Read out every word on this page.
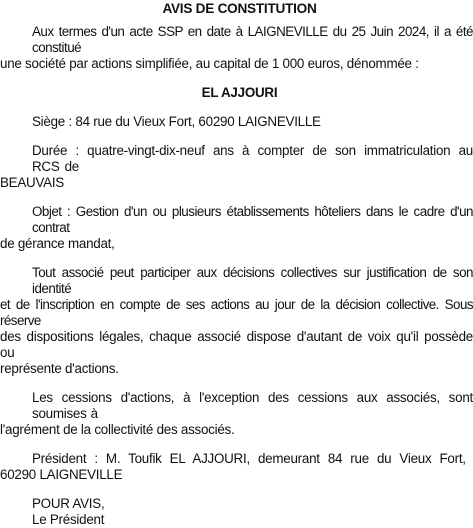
AVIS DE CONSTITUTION
Aux termes d'un acte SSP en date à LAIGNEVILLE du 25 Juin 2024, il a été constitué
une société par actions simplifiée, au capital de 1 000 euros, dénommée :
EL AJJOURI
Siège : 84 rue du Vieux Fort, 60290 LAIGNEVILLE
Durée : quatre-vingt-dix-neuf ans à compter de son immatriculation au RCS de
BEAUVAIS
Objet : Gestion d'un ou plusieurs établissements hôteliers dans le cadre d'un contrat
de gérance mandat,
Tout associé peut participer aux décisions collectives sur justification de son identité
et de l'inscription en compte de ses actions au jour de la décision collective. Sous réserve
des dispositions légales, chaque associé dispose d'autant de voix qu'il possède ou
représente d'actions.
Les cessions d'actions, à l'exception des cessions aux associés, sont soumises à
l'agrément de la collectivité des associés.
Président : M. Toufik EL AJJOURI, demeurant 84 rue du Vieux Fort,
60290 LAIGNEVILLE
POUR AVIS,
Le Président
